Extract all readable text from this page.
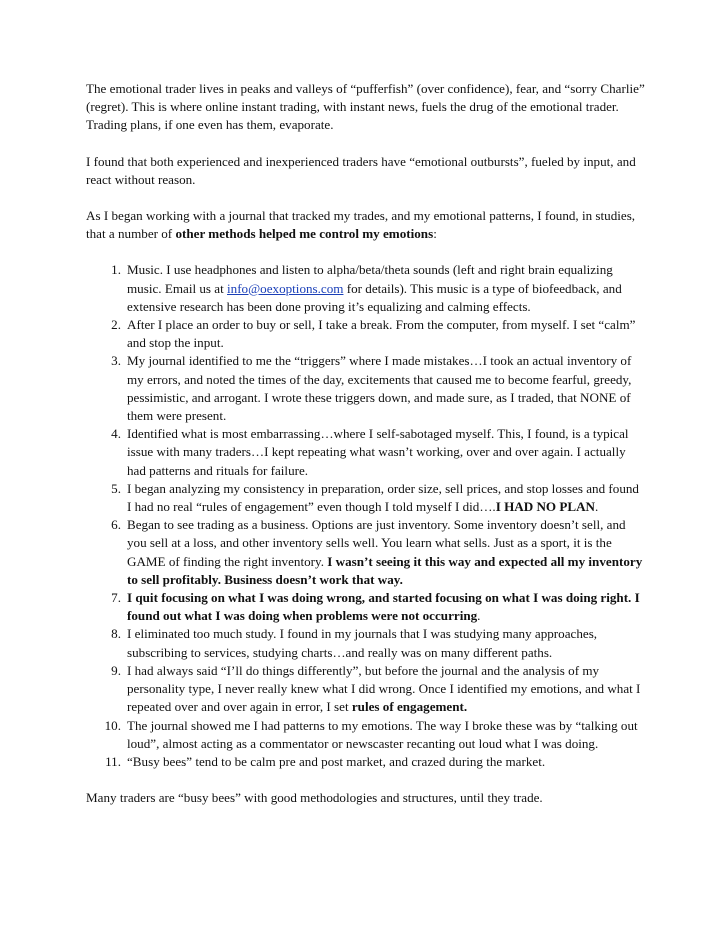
The emotional trader lives in peaks and valleys of “pufferfish” (over confidence), fear, and “sorry Charlie” (regret). This is where online instant trading, with instant news, fuels the drug of the emotional trader. Trading plans, if one even has them, evaporate.

I found that both experienced and inexperienced traders have “emotional outbursts”, fueled by input, and react without reason.

As I began working with a journal that tracked my trades, and my emotional patterns, I found, in studies, that a number of other methods helped me control my emotions:

1. Music. I use headphones and listen to alpha/beta/theta sounds (left and right brain equalizing music. Email us at info@oexoptions.com for details). This music is a type of biofeedback, and extensive research has been done proving it’s equalizing and calming effects.
2. After I place an order to buy or sell, I take a break. From the computer, from myself. I set “calm” and stop the input.
3. My journal identified to me the “triggers” where I made mistakes…I took an actual inventory of my errors, and noted the times of the day, excitements that caused me to become fearful, greedy, pessimistic, and arrogant. I wrote these triggers down, and made sure, as I traded, that NONE of them were present.
4. Identified what is most embarrassing…where I self-sabotaged myself. This, I found, is a typical issue with many traders…I kept repeating what wasn’t working, over and over again. I actually had patterns and rituals for failure.
5. I began analyzing my consistency in preparation, order size, sell prices, and stop losses and found I had no real “rules of engagement” even though I told myself I did….I HAD NO PLAN.
6. Began to see trading as a business. Options are just inventory. Some inventory doesn’t sell, and you sell at a loss, and other inventory sells well. You learn what sells. Just as a sport, it is the GAME of finding the right inventory. I wasn’t seeing it this way and expected all my inventory to sell profitably. Business doesn’t work that way.
7. I quit focusing on what I was doing wrong, and started focusing on what I was doing right. I found out what I was doing when problems were not occurring.
8. I eliminated too much study. I found in my journals that I was studying many approaches, subscribing to services, studying charts…and really was on many different paths.
9. I had always said “I’ll do things differently”, but before the journal and the analysis of my personality type, I never really knew what I did wrong. Once I identified my emotions, and what I repeated over and over again in error, I set rules of engagement.
10. The journal showed me I had patterns to my emotions. The way I broke these was by “talking out loud”, almost acting as a commentator or newscaster recanting out loud what I was doing.
11. “Busy bees” tend to be calm pre and post market, and crazed during the market.

Many traders are “busy bees” with good methodologies and structures, until they trade.
